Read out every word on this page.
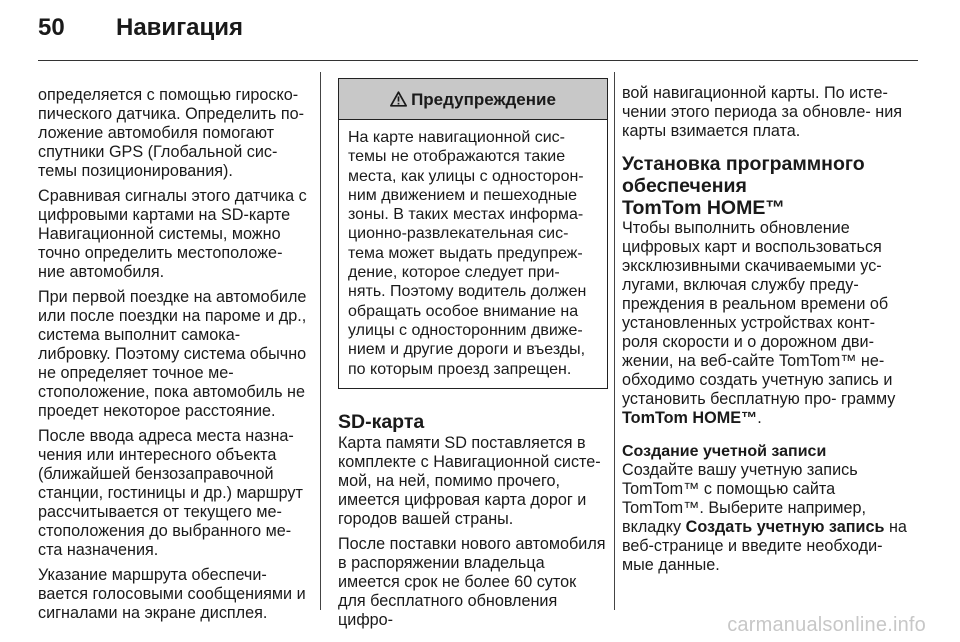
50	Навигация

определяется с помощью гироско- пического датчика. Определить по- ложение автомобиля помогают спутники GPS (Глобальной сис- темы позиционирования).

Сравнивая сигналы этого датчика с цифровыми картами на SD-карте Навигационной системы, можно точно определить местоположе- ние автомобиля.

При первой поездке на автомобиле или после поездки на пароме и др., система выполнит самока- либровку. Поэтому система обычно не определяет точное ме- стоположение, пока автомобиль не проедет некоторое расстояние.

После ввода адреса места назна- чения или интересного объекта (ближайшей бензозаправочной станции, гостиницы и др.) маршрут рассчитывается от текущего ме- стоположения до выбранного ме- ста назначения.

Указание маршрута обеспечи- вается голосовыми сообщениями и сигналами на экране дисплея.

Предупреждение
На карте навигационной сис- темы не отображаются такие места, как улицы с односторон- ним движением и пешеходные зоны. В таких местах информа- ционно-развлекательная сис- тема может выдать предупреж- дение, которое следует при- нять. Поэтому водитель должен обращать особое внимание на улицы с односторонним движе- нием и другие дороги и въезды, по которым проезд запрещен.
SD-карта

Карта памяти SD поставляется в комплекте с Навигационной систе- мой, на ней, помимо прочего, имеется цифровая карта дорог и городов вашей страны.

После поставки нового автомобиля в распоряжении владельца имеется срок не более 60 суток для бесплатного обновления цифро-

вой навигационной карты. По исте- чении этого периода за обновле- ния карты взимается плата.

Установка программного обеспечения
TomTom HOME™

Чтобы выполнить обновление цифровых карт и воспользоваться эксклюзивными скачиваемыми ус- лугами, включая службу преду- преждения в реальном времени об установленных устройствах конт- роля скорости и о дорожном дви- жении, на веб-сайте TomTom™ не- обходимо создать учетную запись и установить бесплатную про- грамму TomTom HOME™.

Создание учетной записи

Создайте вашу учетную запись TomTom™ с помощью сайта TomTom™. Выберите например, вкладку Создать учетную запись на веб-странице и введите необходи- мые данные.

carmanualsonline.info
